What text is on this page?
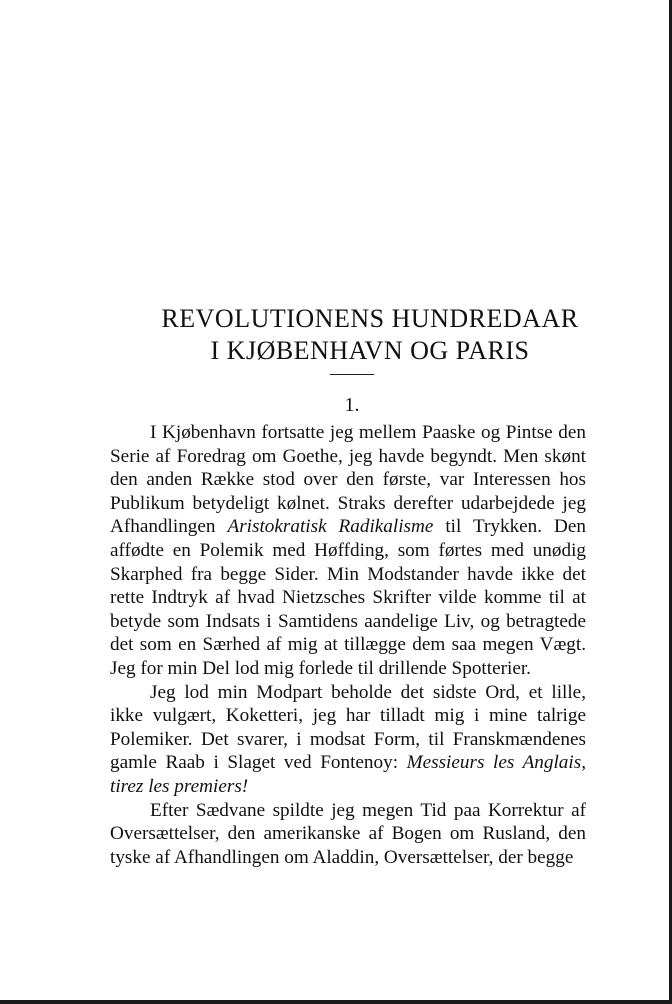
REVOLUTIONENS HUNDREDAAR
I KJØBENHAVN OG PARIS
1.

I Kjøbenhavn fortsatte jeg mellem Paaske og Pintse den Serie af Foredrag om Goethe, jeg havde begyndt. Men skønt den anden Række stod over den første, var Interessen hos Publikum betydeligt kølnet. Straks derefter udarbejdede jeg Afhandlingen Aristokratisk Radikalisme til Trykken. Den affødte en Polemik med Høffding, som førtes med unødig Skarphed fra begge Sider. Min Modstander havde ikke det rette Indtryk af hvad Nietzsches Skrifter vilde komme til at betyde som Indsats i Samtidens aandelige Liv, og betragtede det som en Særhed af mig at tillægge dem saa megen Vægt. Jeg for min Del lod mig forlede til drillende Spotterier.

Jeg lod min Modpart beholde det sidste Ord, et lille, ikke vulgært, Koketteri, jeg har tilladt mig i mine talrige Polemiker. Det svarer, i modsat Form, til Franskmændenes gamle Raab i Slaget ved Fontenoy: Messieurs les Anglais, tirez les premiers!

Efter Sædvane spildte jeg megen Tid paa Korrektur af Oversættelser, den amerikanske af Bogen om Rusland, den tyske af Afhandlingen om Aladdin, Oversættelser, der begge
